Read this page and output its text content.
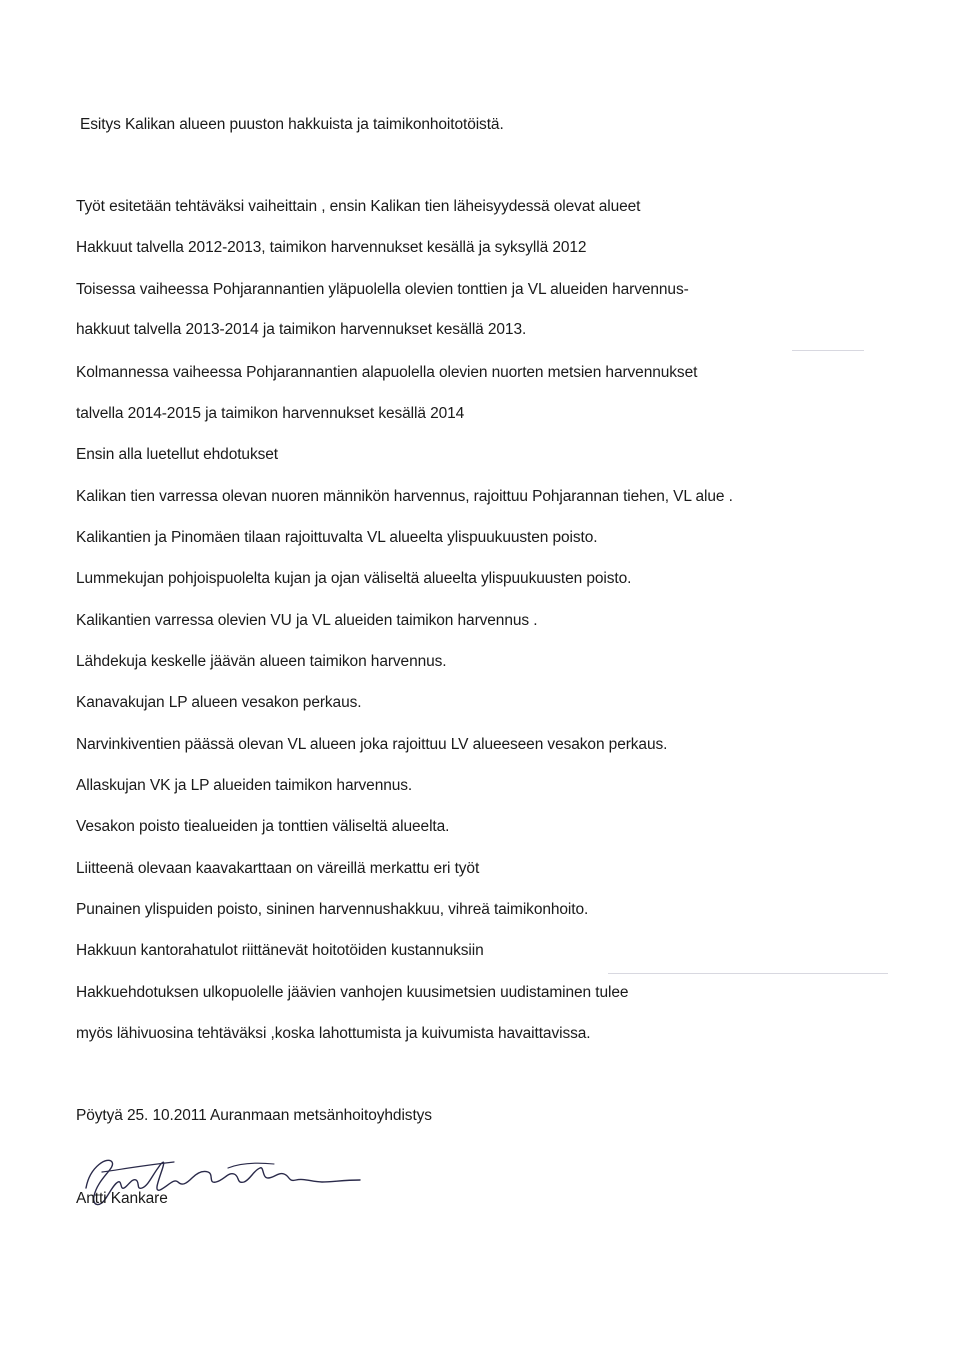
Esitys Kalikan alueen puuston hakkuista ja taimikonhoitotöistä.
Työt esitetään tehtäväksi vaiheittain , ensin Kalikan tien läheisyydessä olevat alueet
Hakkuut talvella 2012-2013, taimikon harvennukset kesällä ja syksyllä 2012
Toisessa vaiheessa Pohjarannantien yläpuolella olevien tonttien ja VL alueiden harvennus-
hakkuut talvella 2013-2014 ja taimikon harvennukset kesällä 2013.
Kolmannessa vaiheessa Pohjarannantien alapuolella olevien nuorten metsien harvennukset
talvella 2014-2015 ja taimikon harvennukset kesällä 2014
Ensin alla luetellut ehdotukset
Kalikan tien varressa olevan nuoren männikön harvennus, rajoittuu Pohjarannan tiehen, VL alue .
Kalikantien ja Pinomäen tilaan rajoittuvalta VL alueelta ylispuukuusten poisto.
Lummekujan pohjoispuolelta kujan ja ojan väliseltä alueelta ylispuukuusten poisto.
Kalikantien varressa olevien VU ja VL alueiden taimikon harvennus .
Lähdekuja keskelle jäävän alueen taimikon harvennus.
Kanavakujan LP alueen vesakon perkaus.
Narvinkiventien päässä olevan VL alueen joka rajoittuu LV alueeseen vesakon perkaus.
Allaskujan VK ja LP alueiden taimikon harvennus.
Vesakon poisto tiealueiden ja tonttien väliseltä alueelta.
Liitteenä olevaan kaavakarttaan on väreillä merkattu eri työt
Punainen ylispuiden poisto, sininen harvennushakkuu, vihreä taimikonhoito.
Hakkuun kantorahatulot riittänevät hoitotöiden kustannuksiin
Hakkuehdotuksen ulkopuolelle jäävien vanhojen kuusimetsien uudistaminen tulee
myös lähivuosina tehtäväksi ,koska lahottumista ja kuivumista havaittavissa.
Pöytyä 25. 10.2011 Auranmaan metsänhoitoyhdistys
Antti Kankare
